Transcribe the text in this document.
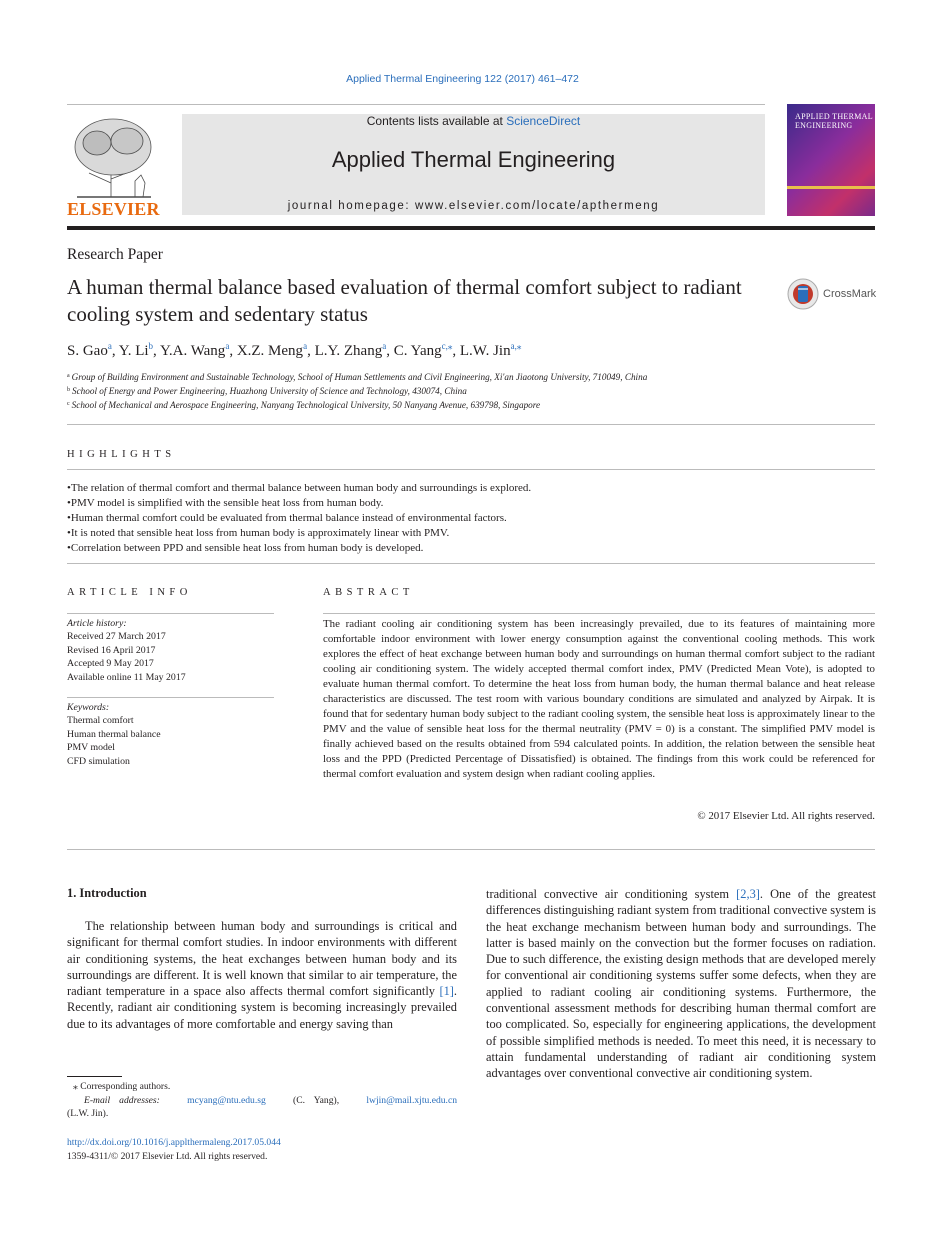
Applied Thermal Engineering 122 (2017) 461–472
ELSEVIER
Contents lists available at ScienceDirect
Applied Thermal Engineering
journal homepage: www.elsevier.com/locate/apthermeng
APPLIED THERMAL ENGINEERING
Research Paper
A human thermal balance based evaluation of thermal comfort subject to radiant cooling system and sedentary status
CrossMark
S. Gao$^a$, Y. Li$^b$, Y.A. Wang$^a$, X.Z. Meng$^a$, L.Y. Zhang$^a$, C. Yang$^{c,⁎}$, L.W. Jin$^{a,⁎}$
$^a$ Group of Building Environment and Sustainable Technology, School of Human Settlements and Civil Engineering, Xi'an Jiaotong University, 710049, China
$^b$ School of Energy and Power Engineering, Huazhong University of Science and Technology, 430074, China
$^c$ School of Mechanical and Aerospace Engineering, Nanyang Technological University, 50 Nanyang Avenue, 639798, Singapore
HIGHLIGHTS
• The relation of thermal comfort and thermal balance between human body and surroundings is explored.
• PMV model is simplified with the sensible heat loss from human body.
• Human thermal comfort could be evaluated from thermal balance instead of environmental factors.
• It is noted that sensible heat loss from human body is approximately linear with PMV.
• Correlation between PPD and sensible heat loss from human body is developed.
ARTICLE INFO	ABSTRACT
Article history:
Received 27 March 2017
Revised 16 April 2017
Accepted 9 May 2017
Available online 11 May 2017
Keywords:
Thermal comfort
Human thermal balance
PMV model
CFD simulation
The radiant cooling air conditioning system has been increasingly prevailed, due to its features of maintaining more comfortable indoor environment with lower energy consumption against the conventional cooling methods. This work explores the effect of heat exchange between human body and surroundings on human thermal comfort subject to the radiant cooling air conditioning system. The widely accepted thermal comfort index, PMV (Predicted Mean Vote), is adopted to evaluate human thermal comfort. To determine the heat loss from human body, the human thermal balance and heat release characteristics are discussed. The test room with various boundary conditions are simulated and analyzed by Airpak. It is found that for sedentary human body subject to the radiant cooling system, the sensible heat loss is approximately linear to the PMV and the value of sensible heat loss for the thermal neutrality (PMV = 0) is a constant. The simplified PMV model is finally achieved based on the results obtained from 594 calculated points. In addition, the relation between the sensible heat loss and the PPD (Predicted Percentage of Dissatisfied) is obtained. The findings from this work could be referenced for thermal comfort evaluation and system design when radiant cooling applies.
© 2017 Elsevier Ltd. All rights reserved.
1. Introduction
The relationship between human body and surroundings is critical and significant for thermal comfort studies. In indoor environments with different air conditioning systems, the heat exchanges between human body and its surroundings are different. It is well known that similar to air temperature, the radiant temperature in a space also affects thermal comfort significantly [1]. Recently, radiant air conditioning system is becoming increasingly prevailed due to its advantages of more comfortable and energy saving than
traditional convective air conditioning system [2,3]. One of the greatest differences distinguishing radiant system from traditional convective system is the heat exchange mechanism between human body and surroundings. The latter is based mainly on the convection but the former focuses on radiation. Due to such difference, the existing design methods that are developed merely for conventional air conditioning systems suffer some defects, when they are applied to radiant cooling air conditioning systems. Furthermore, the conventional assessment methods for describing human thermal comfort are too complicated. So, especially for engineering applications, the development of possible simplified methods is needed. To meet this need, it is necessary to attain fundamental understanding of radiant air conditioning system advantages over conventional convective air conditioning system.
⁎ Corresponding authors.
E-mail addresses:	mcyang@ntu.edu.sg	(C. Yang),	lwjin@mail.xjtu.edu.cn
(L.W. Jin).
http://dx.doi.org/10.1016/j.applthermaleng.2017.05.044
1359-4311/© 2017 Elsevier Ltd. All rights reserved.
